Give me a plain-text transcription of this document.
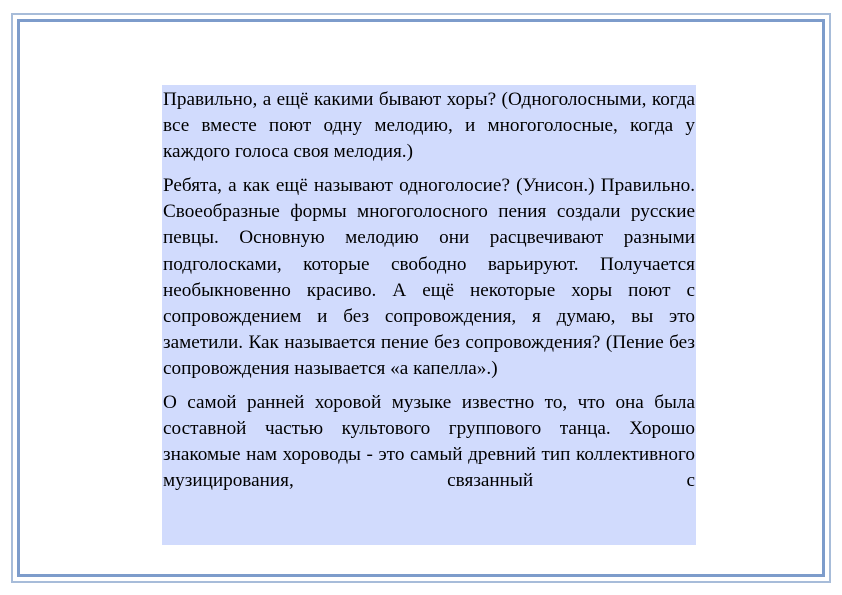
Правильно, а ещё какими бывают хоры? (Одноголосными, когда все вместе поют одну мелодию, и многоголосные, когда у каждого голоса своя мелодия.)

Ребята, а как ещё называют одноголосие? (Унисон.) Правильно. Своеобразные формы многоголосного пения создали русские певцы. Основную мелодию они расцвечивают разными подголосками, которые свободно варьируют. Получается необыкновенно красиво. А ещё некоторые хоры поют с сопровождением и без сопровождения, я думаю, вы это заметили. Как называется пение без сопровождения? (Пение без сопровождения называется «а капелла».)

О самой ранней хоровой музыке известно то, что она была составной частью культового группового танца. Хорошо знакомые нам хороводы - это самый древний тип коллективного музицирования, связанный с
